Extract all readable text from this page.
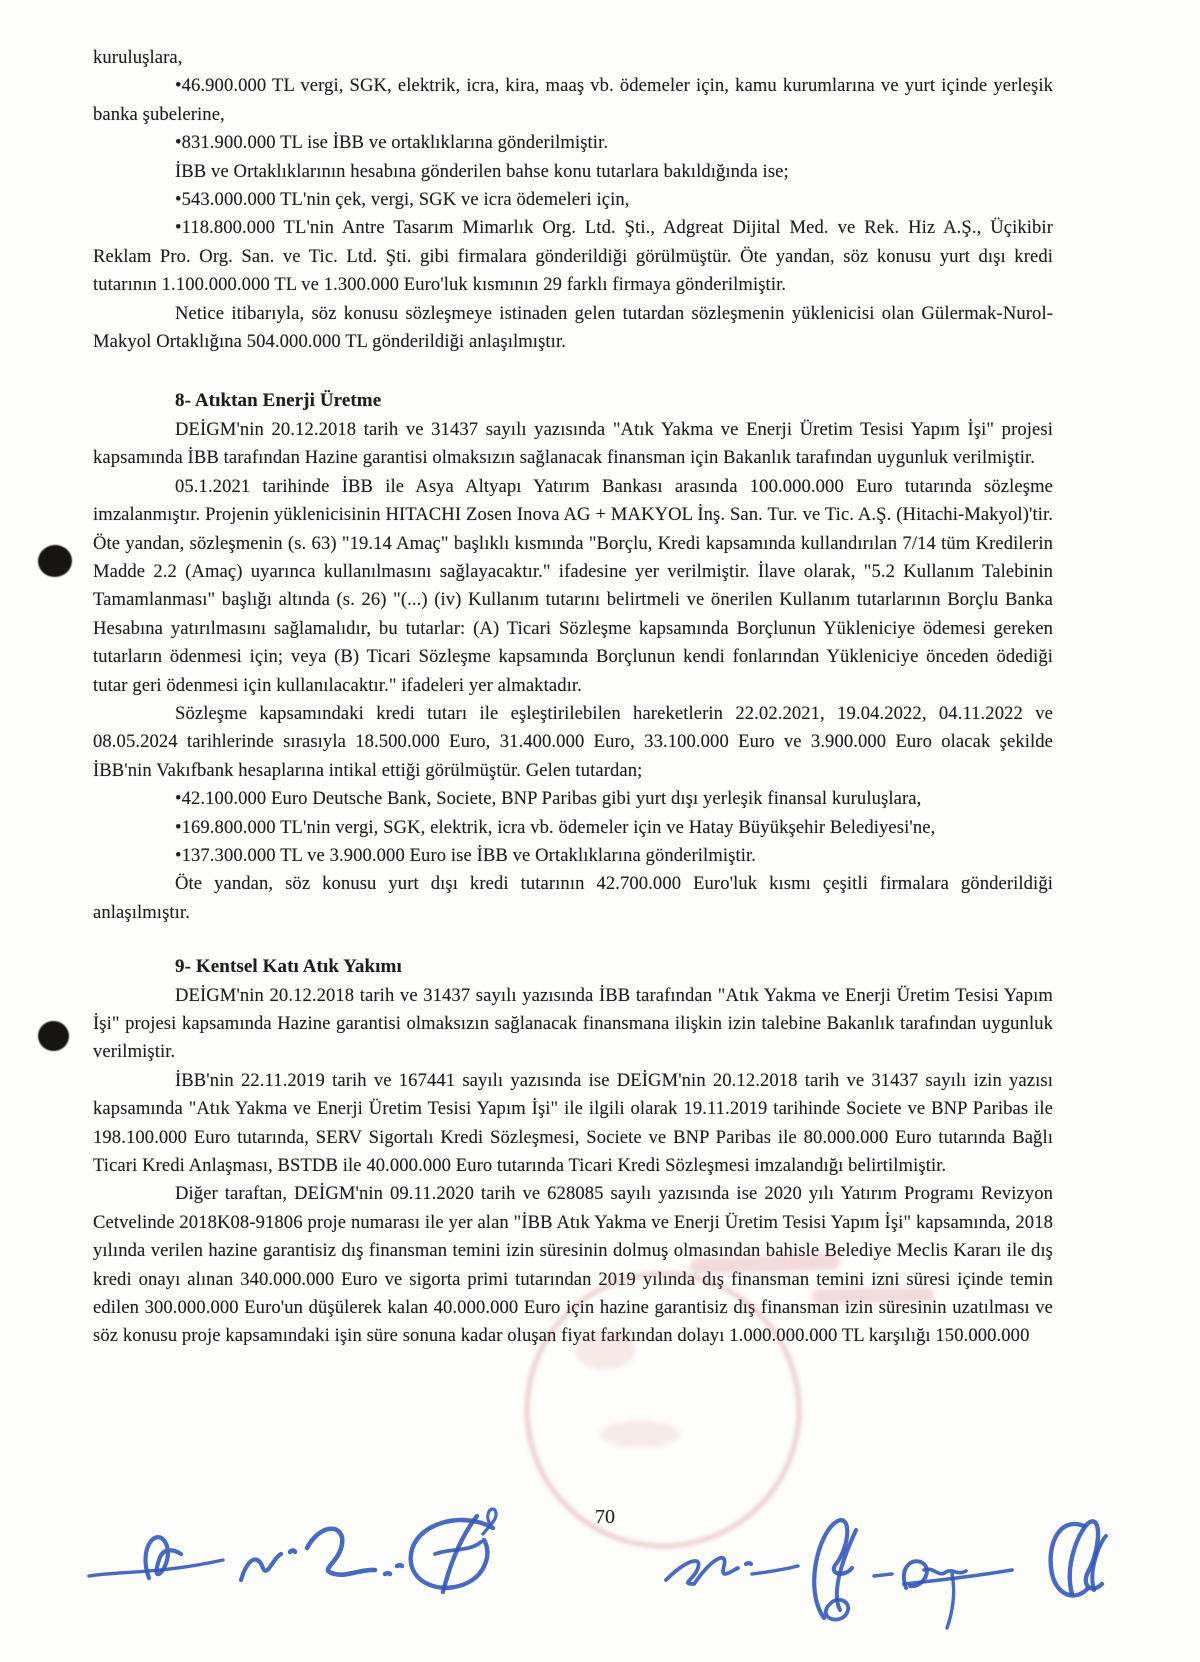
kuruluşlara,

•46.900.000 TL vergi, SGK, elektrik, icra, kira, maaş vb. ödemeler için, kamu kurumlarına ve yurt içinde yerleşik banka şubelerine,

•831.900.000 TL ise İBB ve ortaklıklarına gönderilmiştir.

İBB ve Ortaklıklarının hesabına gönderilen bahse konu tutarlara bakıldığında ise;

•543.000.000 TL'nin çek, vergi, SGK ve icra ödemeleri için,

•118.800.000 TL'nin Antre Tasarım Mimarlık Org. Ltd. Şti., Adgreat Dijital Med. ve Rek. Hiz A.Ş., Üçikibir Reklam Pro. Org. San. ve Tic. Ltd. Şti. gibi firmalara gönderildiği görülmüştür. Öte yandan, söz konusu yurt dışı kredi tutarının 1.100.000.000 TL ve 1.300.000 Euro'luk kısmının 29 farklı firmaya gönderilmiştir.

Netice itibarıyla, söz konusu sözleşmeye istinaden gelen tutardan sözleşmenin yüklenicisi olan Gülermak-Nurol-Makyol Ortaklığına 504.000.000 TL gönderildiği anlaşılmıştır.

8- Atıktan Enerji Üretme

DEİGM'nin 20.12.2018 tarih ve 31437 sayılı yazısında "Atık Yakma ve Enerji Üretim Tesisi Yapım İşi" projesi kapsamında İBB tarafından Hazine garantisi olmaksızın sağlanacak finansman için Bakanlık tarafından uygunluk verilmiştir.

05.1.2021 tarihinde İBB ile Asya Altyapı Yatırım Bankası arasında 100.000.000 Euro tutarında sözleşme imzalanmıştır. Projenin yüklenicisinin HITACHI Zosen Inova AG + MAKYOL İnş. San. Tur. ve Tic. A.Ş. (Hitachi-Makyol)'tir. Öte yandan, sözleşmenin (s. 63) "19.14 Amaç" başlıklı kısmında "Borçlu, Kredi kapsamında kullandırılan 7/14 tüm Kredilerin Madde 2.2 (Amaç) uyarınca kullanılmasını sağlayacaktır." ifadesine yer verilmiştir. İlave olarak, "5.2 Kullanım Talebinin Tamamlanması" başlığı altında (s. 26) "(...) (iv) Kullanım tutarını belirtmeli ve önerilen Kullanım tutarlarının Borçlu Banka Hesabına yatırılmasını sağlamalıdır, bu tutarlar: (A) Ticari Sözleşme kapsamında Borçlunun Yükleniciye ödemesi gereken tutarların ödenmesi için; veya (B) Ticari Sözleşme kapsamında Borçlunun kendi fonlarından Yükleniciye önceden ödediği tutar geri ödenmesi için kullanılacaktır." ifadeleri yer almaktadır.

Sözleşme kapsamındaki kredi tutarı ile eşleştirilebilen hareketlerin 22.02.2021, 19.04.2022, 04.11.2022 ve 08.05.2024 tarihlerinde sırasıyla 18.500.000 Euro, 31.400.000 Euro, 33.100.000 Euro ve 3.900.000 Euro olacak şekilde İBB'nin Vakıfbank hesaplarına intikal ettiği görülmüştür. Gelen tutardan;

•42.100.000 Euro Deutsche Bank, Societe, BNP Paribas gibi yurt dışı yerleşik finansal kuruluşlara,

•169.800.000 TL'nin vergi, SGK, elektrik, icra vb. ödemeler için ve Hatay Büyükşehir Belediyesi'ne,

•137.300.000 TL ve 3.900.000 Euro ise İBB ve Ortaklıklarına gönderilmiştir.

Öte yandan, söz konusu yurt dışı kredi tutarının 42.700.000 Euro'luk kısmı çeşitli firmalara gönderildiği anlaşılmıştır.

9- Kentsel Katı Atık Yakımı

DEİGM'nin 20.12.2018 tarih ve 31437 sayılı yazısında İBB tarafından "Atık Yakma ve Enerji Üretim Tesisi Yapım İşi" projesi kapsamında Hazine garantisi olmaksızın sağlanacak finansmana ilişkin izin talebine Bakanlık tarafından uygunluk verilmiştir.

İBB'nin 22.11.2019 tarih ve 167441 sayılı yazısında ise DEİGM'nin 20.12.2018 tarih ve 31437 sayılı izin yazısı kapsamında "Atık Yakma ve Enerji Üretim Tesisi Yapım İşi" ile ilgili olarak 19.11.2019 tarihinde Societe ve BNP Paribas ile 198.100.000 Euro tutarında, SERV Sigortalı Kredi Sözleşmesi, Societe ve BNP Paribas ile 80.000.000 Euro tutarında Bağlı Ticari Kredi Anlaşması, BSTDB ile 40.000.000 Euro tutarında Ticari Kredi Sözleşmesi imzalandığı belirtilmiştir.

Diğer taraftan, DEİGM'nin 09.11.2020 tarih ve 628085 sayılı yazısında ise 2020 yılı Yatırım Programı Revizyon Cetvelinde 2018K08-91806 proje numarası ile yer alan "İBB Atık Yakma ve Enerji Üretim Tesisi Yapım İşi" kapsamında, 2018 yılında verilen hazine garantisiz dış finansman temini izin süresinin dolmuş olmasından bahisle Belediye Meclis Kararı ile dış kredi onayı alınan 340.000.000 Euro ve sigorta primi tutarından 2019 yılında dış finansman temini izni süresi içinde temin edilen 300.000.000 Euro'un düşülerek kalan 40.000.000 Euro için hazine garantisiz dış finansman izin süresinin uzatılması ve söz konusu proje kapsamındaki işin süre sonuna kadar oluşan fiyat farkından dolayı 1.000.000.000 TL karşılığı 150.000.000

70
